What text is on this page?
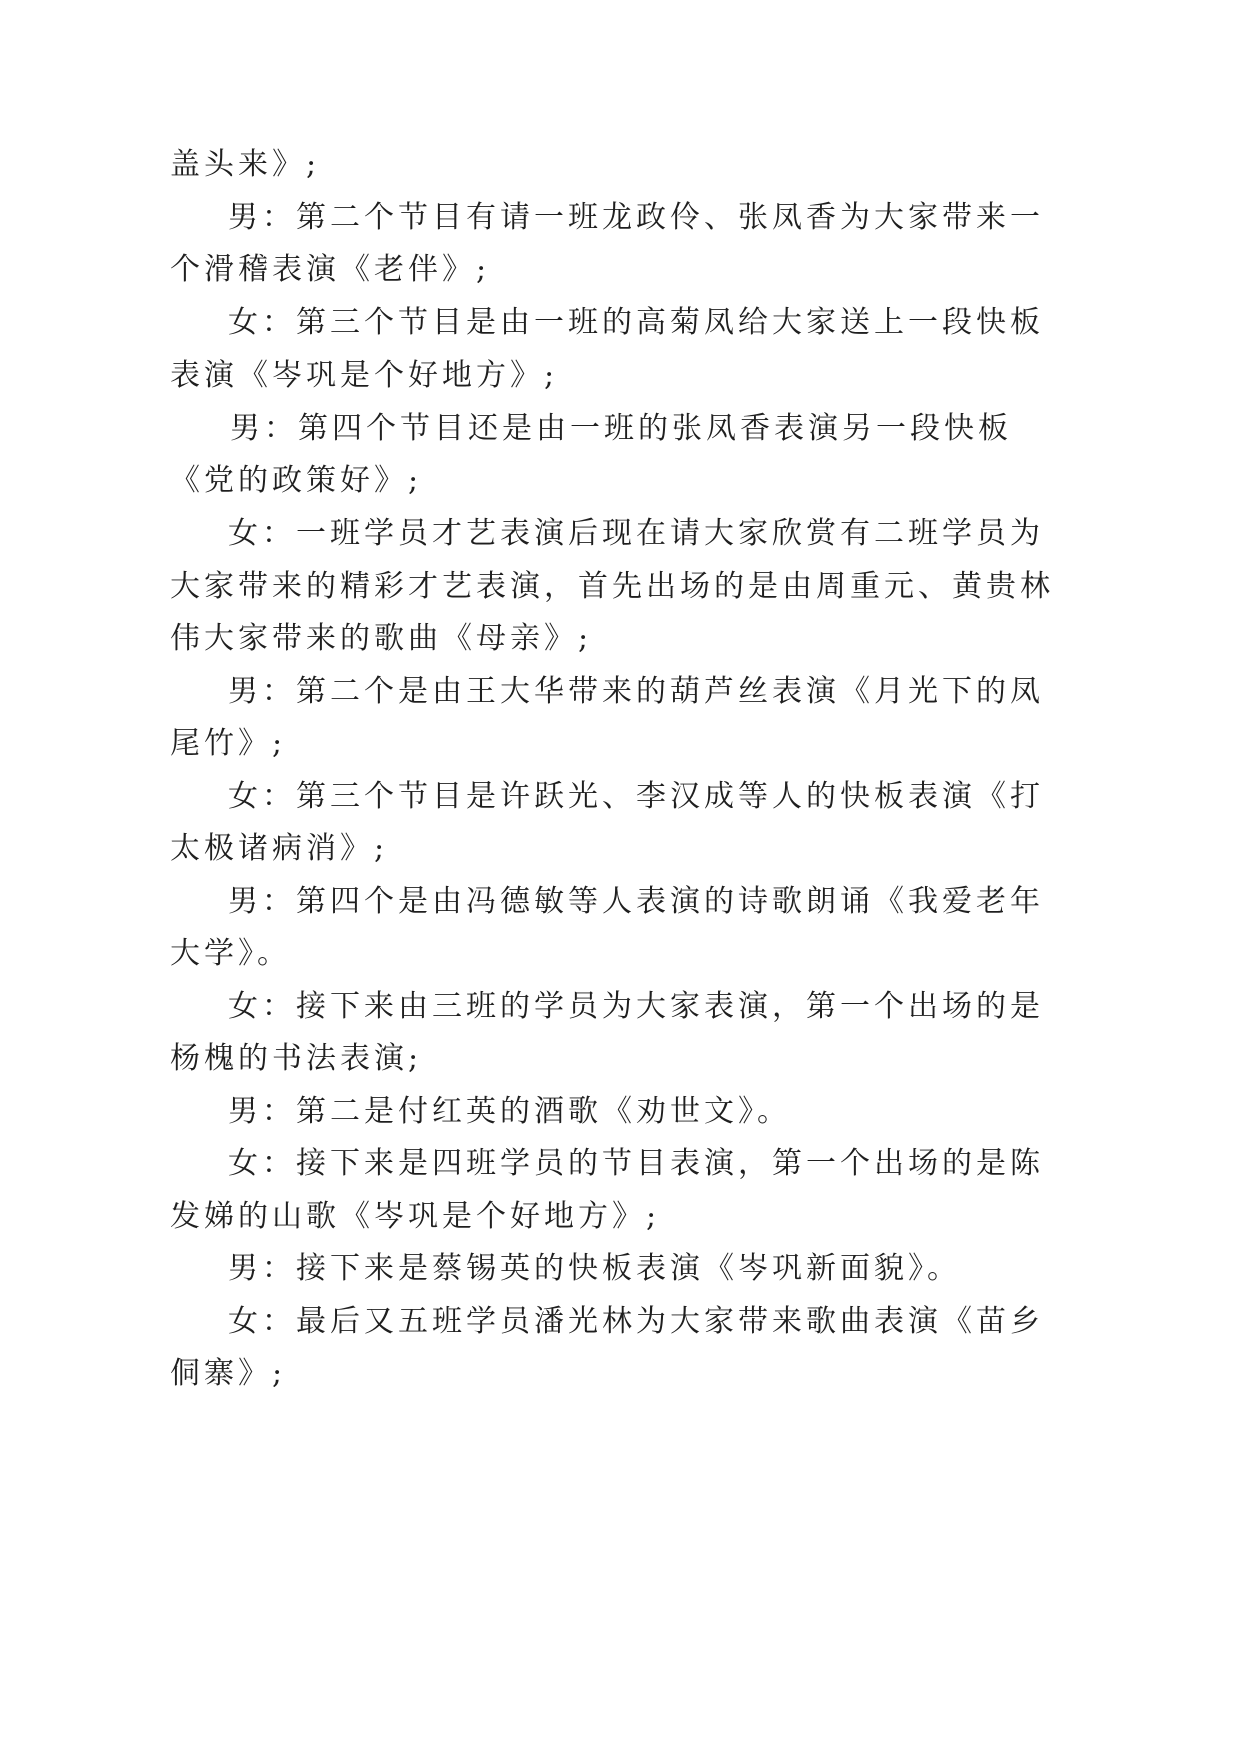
盖头来》;
男：第二个节目有请一班龙政伶、张凤香为大家带来一
个滑稽表演《老伴》;
女：第三个节目是由一班的高菊凤给大家送上一段快板
表演《岑巩是个好地方》;
男：第四个节目还是由一班的张凤香表演另一段快板
《党的政策好》;
女：一班学员才艺表演后现在请大家欣赏有二班学员为
大家带来的精彩才艺表演，首先出场的是由周重元、黄贵林
伟大家带来的歌曲《母亲》;
男：第二个是由王大华带来的葫芦丝表演《月光下的凤
尾竹》;
女：第三个节目是许跃光、李汉成等人的快板表演《打
太极诸病消》;
男：第四个是由冯德敏等人表演的诗歌朗诵《我爱老年
大学》。
女：接下来由三班的学员为大家表演，第一个出场的是
杨槐的书法表演;
男：第二是付红英的酒歌《劝世文》。
女：接下来是四班学员的节目表演，第一个出场的是陈
发娣的山歌《岑巩是个好地方》;
男：接下来是蔡锡英的快板表演《岑巩新面貌》。
女：最后又五班学员潘光林为大家带来歌曲表演《苗乡
侗寨》;
